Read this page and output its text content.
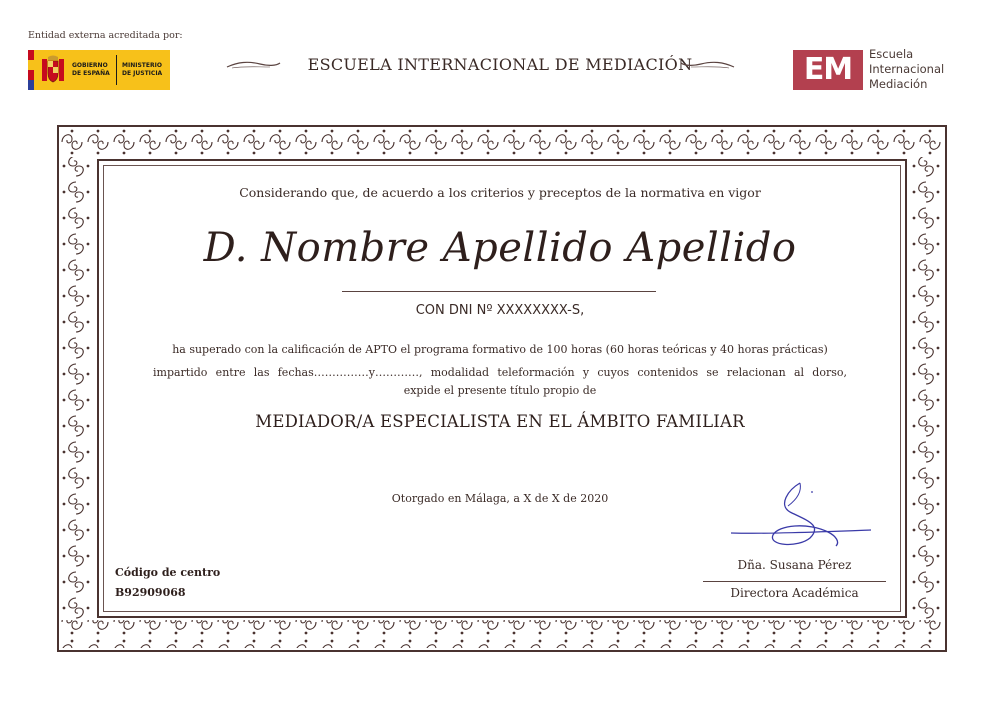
Entidad externa acreditada por:
GOBIERNO DE ESPAÑA
MINISTERIO DE JUSTICIA	ESCUELA INTERNACIONAL DE MEDIACIÓN	EM	Escuela
Internacional
Mediación
Considerando que, de acuerdo a los criterios y preceptos de la normativa en vigor
D. Nombre Apellido Apellido
CON DNI Nº XXXXXXXX-S,
ha superado con la calificación de APTO el programa formativo de 100 horas (60 horas teóricas y 40 horas prácticas)
impartido entre las fechas……………y…………, modalidad teleformación y cuyos contenidos se relacionan al dorso,
expide el presente título propio de
MEDIADOR/A ESPECIALISTA EN EL ÁMBITO FAMILIAR
Otorgado en Málaga, a X de X de 2020
Código de centro
B92909068
Dña. Susana Pérez
Directora Académica
